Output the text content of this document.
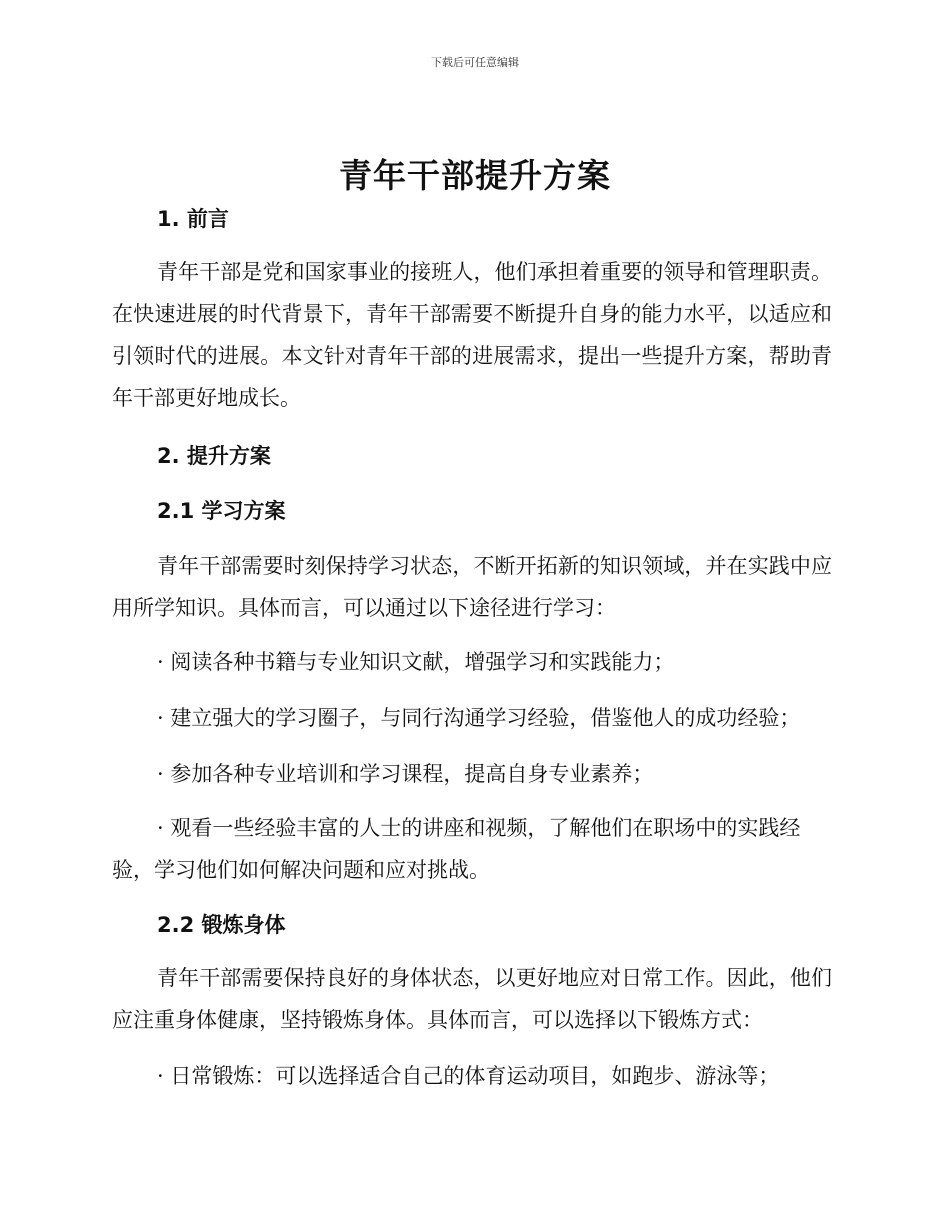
下载后可任意编辑
青年干部提升方案
1. 前言

青年干部是党和国家事业的接班人，他们承担着重要的领导和管理职责。在快速进展的时代背景下，青年干部需要不断提升自身的能力水平，以适应和引领时代的进展。本文针对青年干部的进展需求，提出一些提升方案，帮助青年干部更好地成长。

2. 提升方案
2.1 学习方案

青年干部需要时刻保持学习状态，不断开拓新的知识领域，并在实践中应用所学知识。具体而言，可以通过以下途径进行学习：

· 阅读各种书籍与专业知识文献，增强学习和实践能力；

· 建立强大的学习圈子，与同行沟通学习经验，借鉴他人的成功经验；

· 参加各种专业培训和学习课程，提高自身专业素养；

· 观看一些经验丰富的人士的讲座和视频，了解他们在职场中的实践经验，学习他们如何解决问题和应对挑战。

2.2 锻炼身体

青年干部需要保持良好的身体状态，以更好地应对日常工作。因此，他们应注重身体健康，坚持锻炼身体。具体而言，可以选择以下锻炼方式：

· 日常锻炼：可以选择适合自己的体育运动项目，如跑步、游泳等；
